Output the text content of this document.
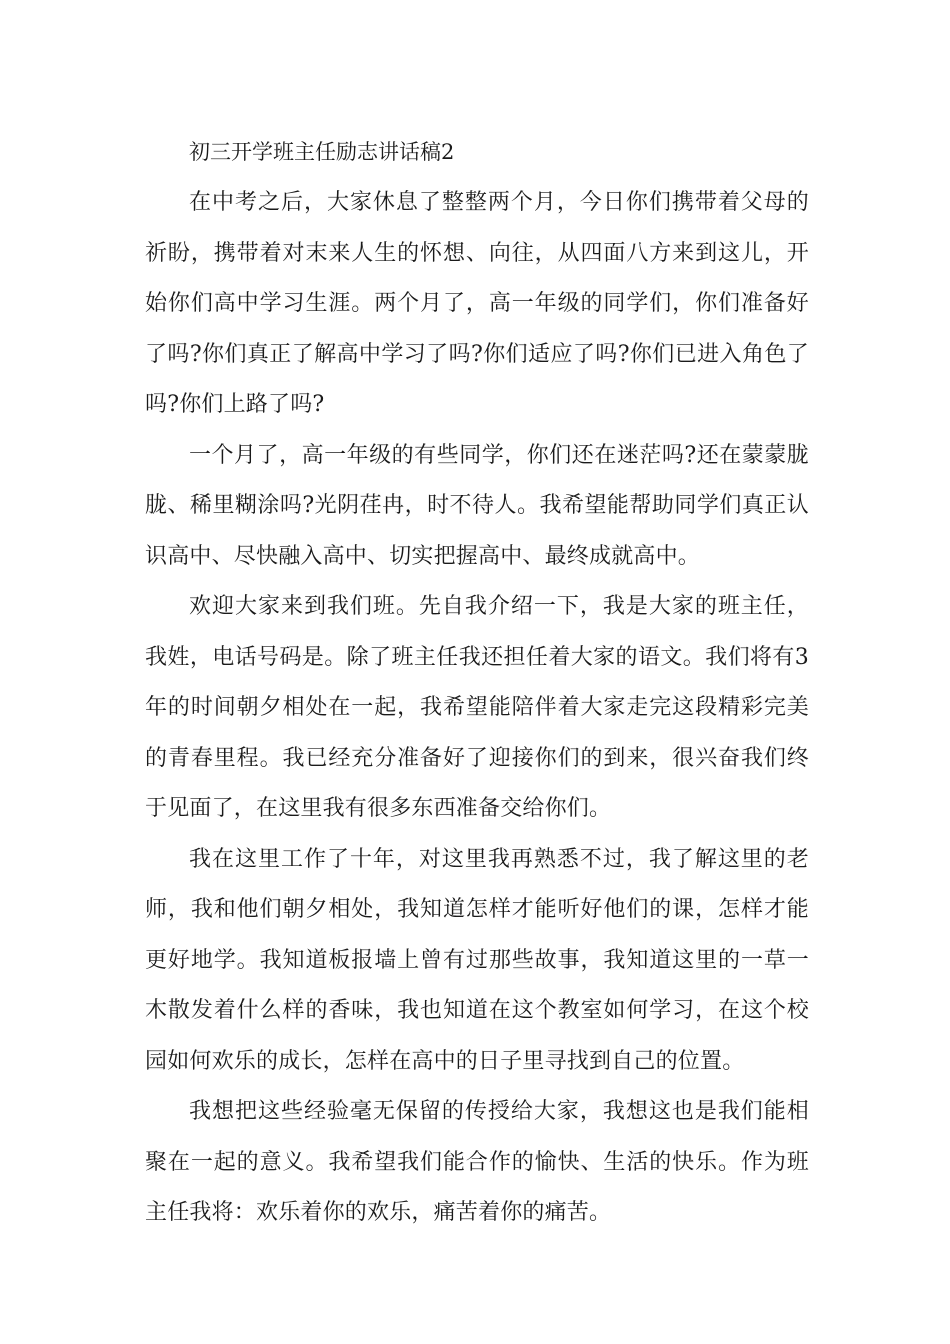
初三开学班主任励志讲话稿2

在中考之后，大家休息了整整两个月，今日你们携带着父母的祈盼，携带着对末来人生的怀想、向往，从四面八方来到这儿，开始你们高中学习生涯。两个月了，高一年级的同学们，你们准备好了吗?你们真正了解高中学习了吗?你们适应了吗?你们已进入角色了吗?你们上路了吗?

一个月了，高一年级的有些同学，你们还在迷茫吗?还在蒙蒙胧胧、稀里糊涂吗?光阴荏冉，时不待人。我希望能帮助同学们真正认识高中、尽快融入高中、切实把握高中、最终成就高中。

欢迎大家来到我们班。先自我介绍一下，我是大家的班主任，我姓，电话号码是。除了班主任我还担任着大家的语文。我们将有3年的时间朝夕相处在一起，我希望能陪伴着大家走完这段精彩完美的青春里程。我已经充分准备好了迎接你们的到来，很兴奋我们终于见面了，在这里我有很多东西准备交给你们。

我在这里工作了十年，对这里我再熟悉不过，我了解这里的老师，我和他们朝夕相处，我知道怎样才能听好他们的课，怎样才能更好地学。我知道板报墙上曾有过那些故事，我知道这里的一草一木散发着什么样的香味，我也知道在这个教室如何学习，在这个校园如何欢乐的成长，怎样在高中的日子里寻找到自己的位置。

我想把这些经验毫无保留的传授给大家，我想这也是我们能相聚在一起的意义。我希望我们能合作的愉快、生活的快乐。作为班主任我将：欢乐着你的欢乐，痛苦着你的痛苦。
